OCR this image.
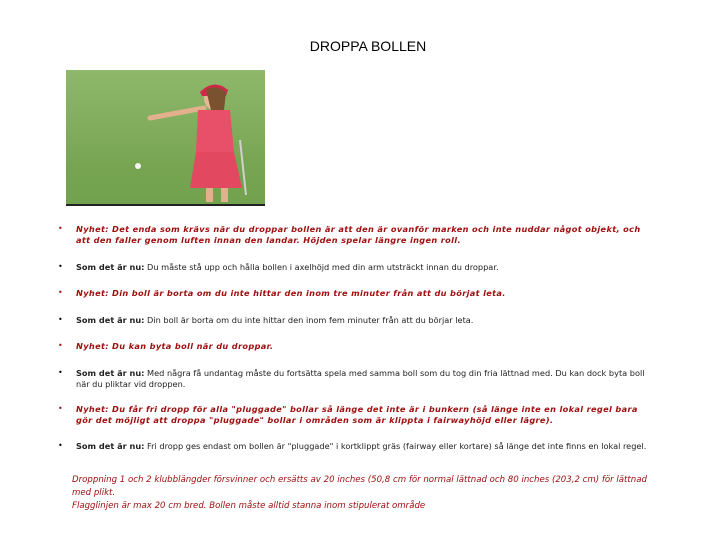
DROPPA BOLLEN
• Nyhet: Det enda som krävs när du droppar bollen är att den är ovanför marken och inte nuddar något objekt, och att den faller genom luften innan den landar. Höjden spelar längre ingen roll.
• Som det är nu: Du måste stå upp och hålla bollen i axelhöjd med din arm utsträckt innan du droppar.
• Nyhet: Din boll är borta om du inte hittar den inom tre minuter från att du börjat leta.
• Som det är nu: Din boll är borta om du inte hittar den inom fem minuter från att du börjar leta.
• Nyhet: Du kan byta boll när du droppar.
• Som det är nu: Med några få undantag måste du fortsätta spela med samma boll som du tog din fria lättnad med. Du kan dock byta boll när du pliktar vid droppen.
• Nyhet: Du får fri dropp för alla "pluggade" bollar så länge det inte är i bunkern (så länge inte en lokal regel bara gör det möjligt att droppa "pluggade" bollar i områden som är klippta i fairwayhöjd eller lägre).
• Som det är nu: Fri dropp ges endast om bollen är "pluggade" i kortklippt gräs (fairway eller kortare) så länge det inte finns en lokal regel.
Droppning 1 och 2 klubblängder försvinner och ersätts av 20 inches (50,8 cm för normal lättnad och 80 inches (203,2 cm) för lättnad med plikt.
Flagglinjen är max 20 cm bred. Bollen måste alltid stanna inom stipulerat område
